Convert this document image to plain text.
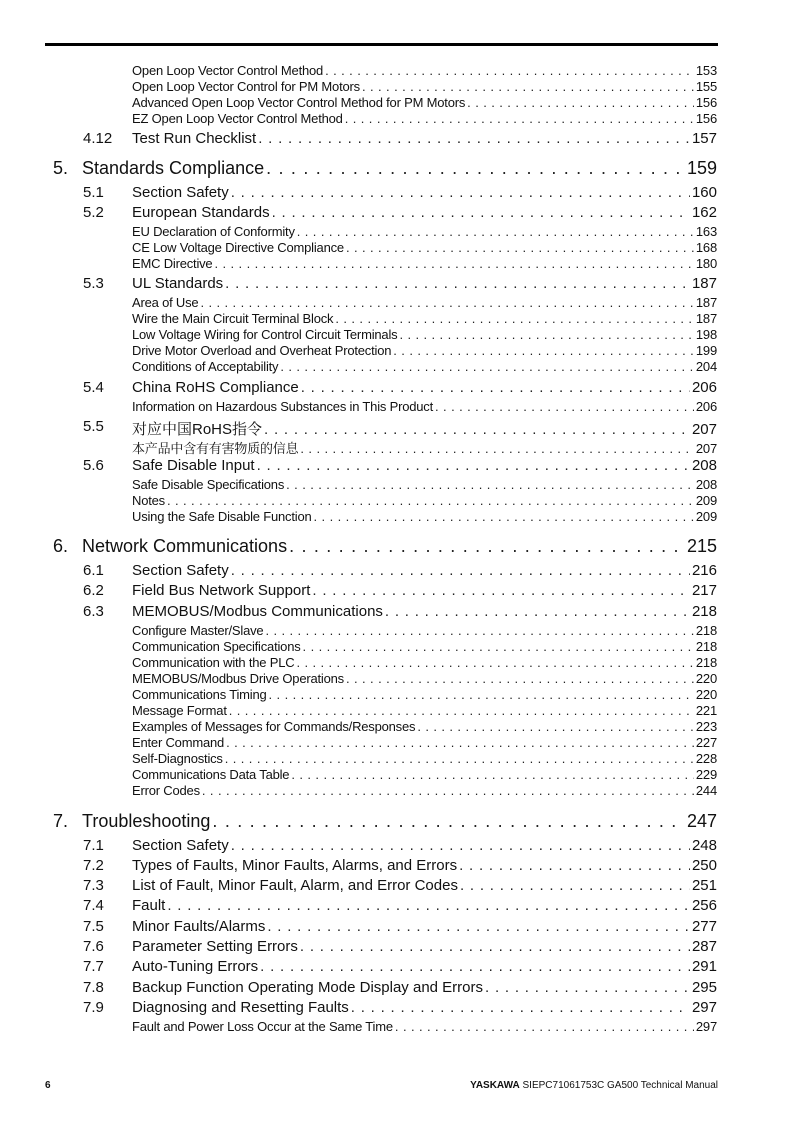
Open Loop Vector Control Method . . .	153
Open Loop Vector Control for PM Motors . . .	155
Advanced Open Loop Vector Control Method for PM Motors . . .	156
EZ Open Loop Vector Control Method . . .	156
4.12 Test Run Checklist . . .	157
5. Standards Compliance . . .	159
5.1 Section Safety . . .	160
5.2 European Standards . . .	162
EU Declaration of Conformity . . .	163
CE Low Voltage Directive Compliance . . .	168
EMC Directive . . .	180
5.3 UL Standards . . .	187
Area of Use . . .	187
Wire the Main Circuit Terminal Block . . .	187
Low Voltage Wiring for Control Circuit Terminals . . .	198
Drive Motor Overload and Overheat Protection . . .	199
Conditions of Acceptability . . .	204
5.4 China RoHS Compliance . . .	206
Information on Hazardous Substances in This Product . . .	206
5.5 对应中国RoHS指令 . . .	207
本产品中含有有害物质的信息 . . .	207
5.6 Safe Disable Input . . .	208
Safe Disable Specifications . . .	208
Notes . . .	209
Using the Safe Disable Function . . .	209
6. Network Communications . . .	215
6.1 Section Safety . . .	216
6.2 Field Bus Network Support . . .	217
6.3 MEMOBUS/Modbus Communications . . .	218
Configure Master/Slave . . .	218
Communication Specifications . . .	218
Communication with the PLC . . .	218
MEMOBUS/Modbus Drive Operations . . .	220
Communications Timing . . .	220
Message Format . . .	221
Examples of Messages for Commands/Responses . . .	223
Enter Command . . .	227
Self-Diagnostics . . .	228
Communications Data Table . . .	229
Error Codes . . .	244
7. Troubleshooting . . .	247
7.1 Section Safety . . .	248
7.2 Types of Faults, Minor Faults, Alarms, and Errors . . .	250
7.3 List of Fault, Minor Fault, Alarm, and Error Codes . . .	251
7.4 Fault . . .	256
7.5 Minor Faults/Alarms . . .	277
7.6 Parameter Setting Errors . . .	287
7.7 Auto-Tuning Errors . . .	291
7.8 Backup Function Operating Mode Display and Errors . . .	295
7.9 Diagnosing and Resetting Faults . . .	297
Fault and Power Loss Occur at the Same Time . . .	297
6	YASKAWA SIEPC71061753C GA500 Technical Manual
